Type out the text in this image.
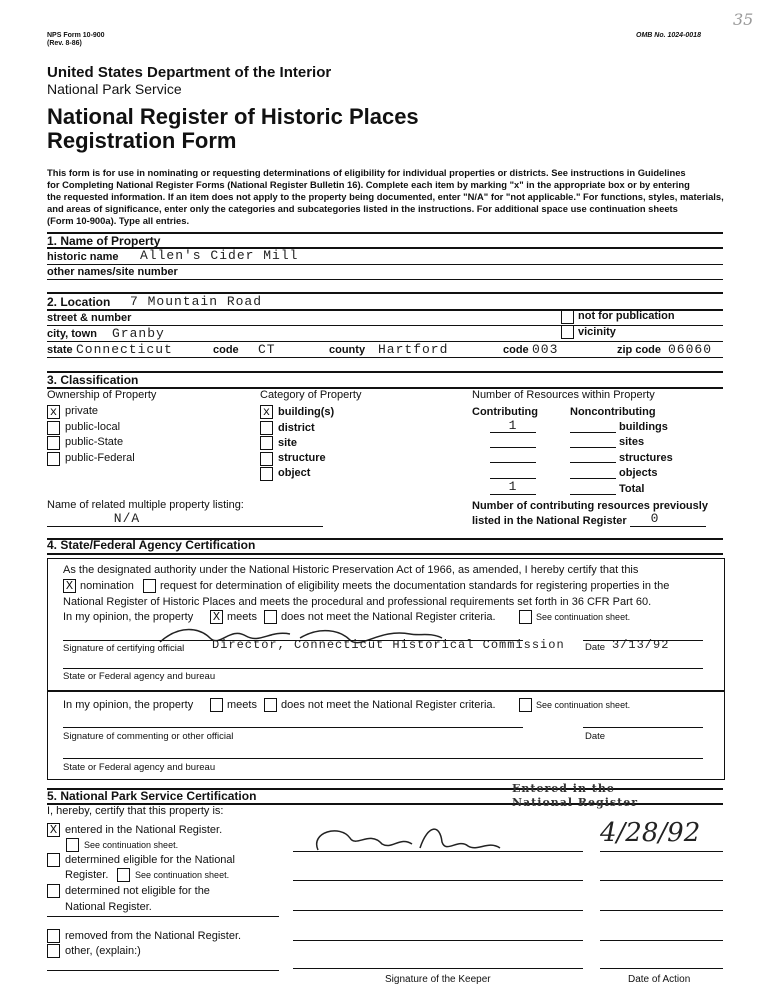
NPS Form 10-900
(Rev. 8-86)
OMB No. 1024-0018
35
United States Department of the Interior
National Park Service
National Register of Historic Places
Registration Form
This form is for use in nominating or requesting determinations of eligibility for individual properties or districts. See instructions in Guidelines
for Completing National Register Forms (National Register Bulletin 16). Complete each item by marking "x" in the appropriate box or by entering
the requested information. If an item does not apply to the property being documented, enter "N/A" for "not applicable." For functions, styles, materials,
and areas of significance, enter only the categories and subcategories listed in the instructions. For additional space use continuation sheets
(Form 10-900a). Type all entries.
1. Name of Property
historic name Allen's Cider Mill
other names/site number
2. Location 7 Mountain Road
street & number	not for publication
city, town Granby	vicinity
state Connecticut	code CT	county Hartford	code 003	zip code 06060
3. Classification
Ownership of Property
x private
public-local
public-State
public-Federal
Category of Property
x building(s)
district
site
structure
object
Number of Resources within Property
Contributing	Noncontributing
1	buildings
sites
structures
objects
1	Total
Name of related multiple property listing:
N/A
Number of contributing resources previously
listed in the National Register	0
4. State/Federal Agency Certification
As the designated authority under the National Historic Preservation Act of 1966, as amended, I hereby certify that this
X nomination request for determination of eligibility meets the documentation standards for registering properties in the
National Register of Historic Places and meets the procedural and professional requirements set forth in 36 CFR Part 60.
In my opinion, the property X meets does not meet the National Register criteria.	See continuation sheet.
Signature of certifying official Director, Connecticut Historical Commission Date 3/13/92
State or Federal agency and bureau
In my opinion, the property	meets does not meet the National Register criteria.	See continuation sheet.
Signature of commenting or other official	Date
State or Federal agency and bureau
5. National Park Service Certification
Entered in the
National Register
I, hereby, certify that this property is:
X entered in the National Register.
See continuation sheet.
determined eligible for the National
Register.	See continuation sheet.
determined not eligible for the
National Register.
removed from the National Register.
other, (explain:)
4/28/92
Signature of the Keeper	Date of Action
